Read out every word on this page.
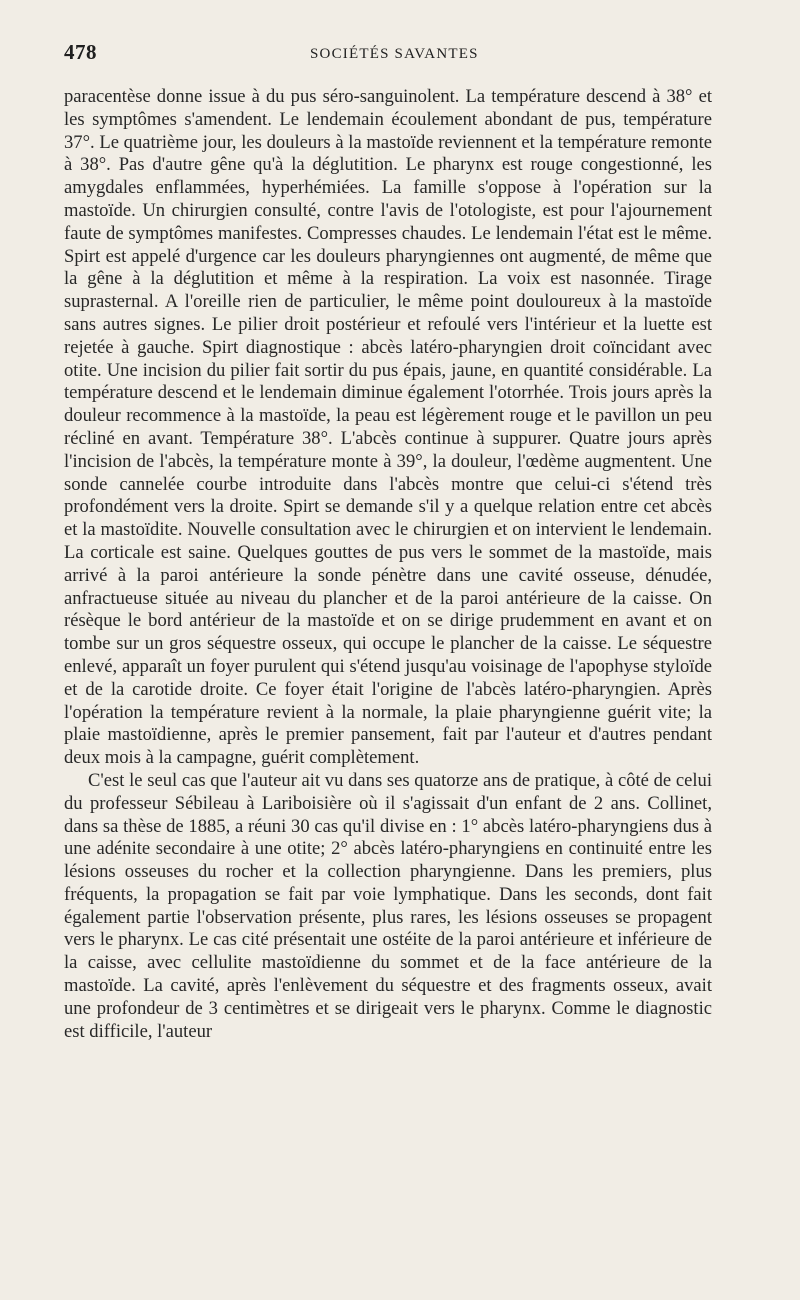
478	SOCIÉTÉS SAVANTES

paracentèse donne issue à du pus séro-sanguinolent. La température descend à 38° et les symptômes s'amendent. Le lendemain écoulement abondant de pus, température 37°. Le quatrième jour, les douleurs à la mastoïde reviennent et la température remonte à 38°. Pas d'autre gêne qu'à la déglutition. Le pharynx est rouge congestionné, les amygdales enflammées, hyperhémiées. La famille s'oppose à l'opération sur la mastoïde. Un chirurgien consulté, contre l'avis de l'otologiste, est pour l'ajournement faute de symptômes manifestes. Compresses chaudes. Le lendemain l'état est le même. Spirt est appelé d'urgence car les douleurs pharyngiennes ont augmenté, de même que la gêne à la déglutition et même à la respiration. La voix est nasonnée. Tirage suprasternal. A l'oreille rien de particulier, le même point douloureux à la mastoïde sans autres signes. Le pilier droit postérieur et refoulé vers l'intérieur et la luette est rejetée à gauche. Spirt diagnostique : abcès latéro-pharyngien droit coïncidant avec otite. Une incision du pilier fait sortir du pus épais, jaune, en quantité considérable. La température descend et le lendemain diminue également l'otorrhée. Trois jours après la douleur recommence à la mastoïde, la peau est légèrement rouge et le pavillon un peu récliné en avant. Température 38°. L'abcès continue à suppurer. Quatre jours après l'incision de l'abcès, la température monte à 39°, la douleur, l'œdème augmentent. Une sonde cannelée courbe introduite dans l'abcès montre que celui-ci s'étend très profondément vers la droite. Spirt se demande s'il y a quelque relation entre cet abcès et la mastoïdite. Nouvelle consultation avec le chirurgien et on intervient le lendemain. La corticale est saine. Quelques gouttes de pus vers le sommet de la mastoïde, mais arrivé à la paroi antérieure la sonde pénètre dans une cavité osseuse, dénudée, anfractueuse située au niveau du plancher et de la paroi antérieure de la caisse. On résèque le bord antérieur de la mastoïde et on se dirige prudemment en avant et on tombe sur un gros séquestre osseux, qui occupe le plancher de la caisse. Le séquestre enlevé, apparaît un foyer purulent qui s'étend jusqu'au voisinage de l'apophyse styloïde et de la carotide droite. Ce foyer était l'origine de l'abcès latéro-pharyngien. Après l'opération la température revient à la normale, la plaie pharyngienne guérit vite; la plaie mastoïdienne, après le premier pansement, fait par l'auteur et d'autres pendant deux mois à la campagne, guérit complètement.

C'est le seul cas que l'auteur ait vu dans ses quatorze ans de pratique, à côté de celui du professeur Sébileau à Lariboisière où il s'agissait d'un enfant de 2 ans. Collinet, dans sa thèse de 1885, a réuni 30 cas qu'il divise en : 1° abcès latéro-pharyngiens dus à une adénite secondaire à une otite; 2° abcès latéro-pharyngiens en continuité entre les lésions osseuses du rocher et la collection pharyngienne. Dans les premiers, plus fréquents, la propagation se fait par voie lymphatique. Dans les seconds, dont fait également partie l'observation présente, plus rares, les lésions osseuses se propagent vers le pharynx. Le cas cité présentait une ostéite de la paroi antérieure et inférieure de la caisse, avec cellulite mastoïdienne du sommet et de la face antérieure de la mastoïde. La cavité, après l'enlèvement du séquestre et des fragments osseux, avait une profondeur de 3 centimètres et se dirigeait vers le pharynx. Comme le diagnostic est difficile, l'auteur
